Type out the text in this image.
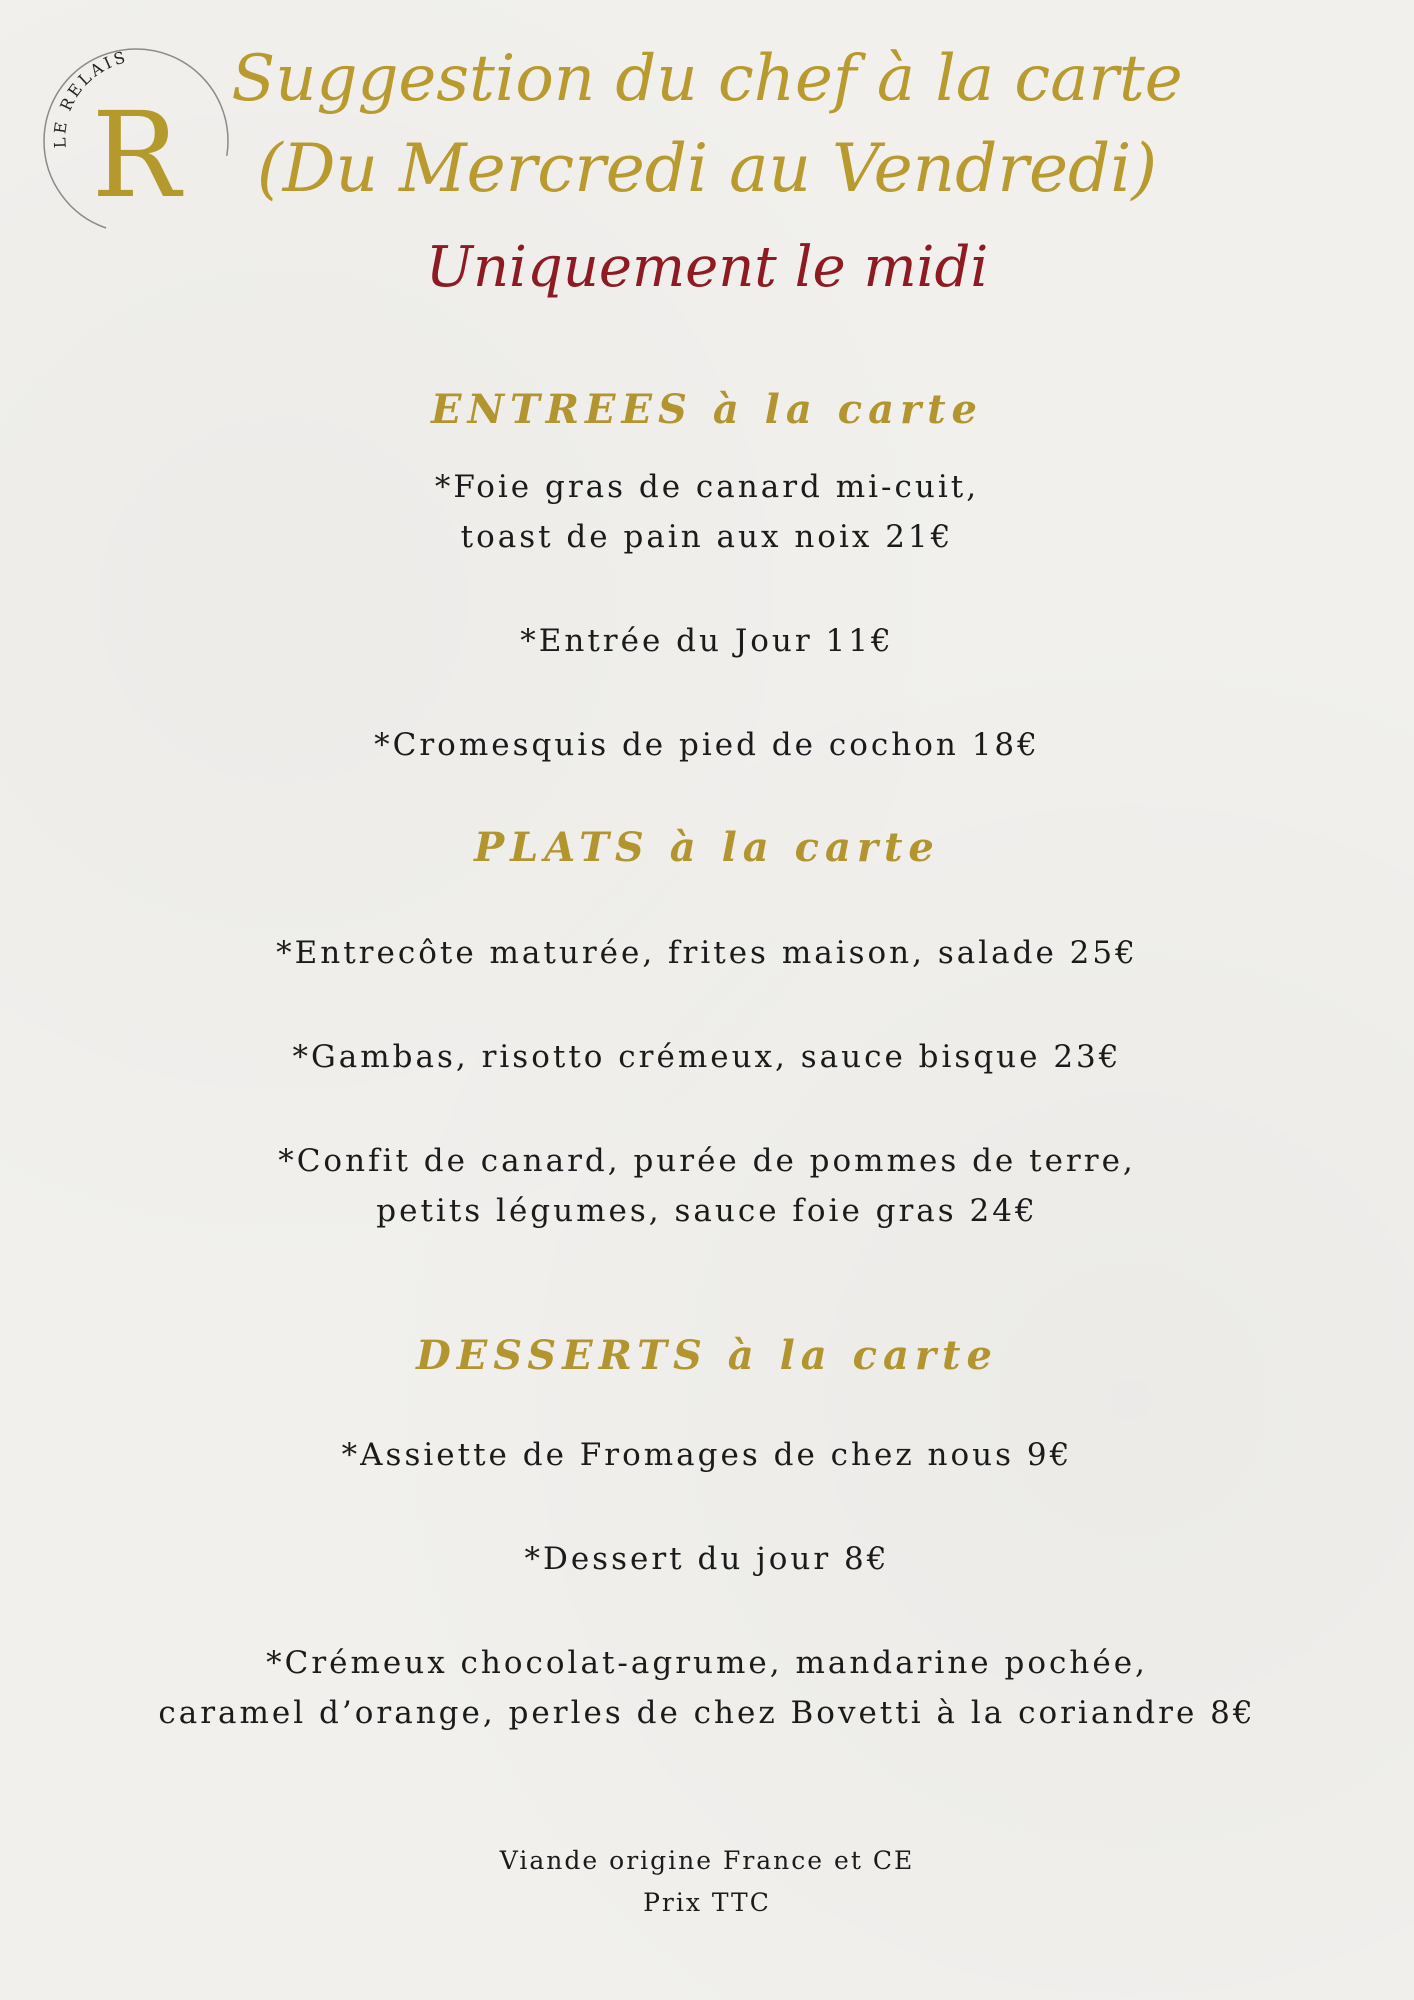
LE RELAIS
R
Suggestion du chef à la carte
(Du Mercredi au Vendredi)
Uniquement le midi
ENTREES à la carte
*Foie gras de canard mi-cuit,
toast de pain aux noix 21€
*Entrée du Jour 11€
*Cromesquis de pied de cochon 18€
PLATS à la carte
*Entrecôte maturée, frites maison, salade 25€
*Gambas, risotto crémeux, sauce bisque 23€
*Confit de canard, purée de pommes de terre,
petits légumes, sauce foie gras 24€
DESSERTS à la carte
*Assiette de Fromages de chez nous 9€
*Dessert du jour 8€
*Crémeux chocolat-agrume, mandarine pochée,
caramel d’orange, perles de chez Bovetti à la coriandre 8€
Viande origine France et CE
Prix TTC
